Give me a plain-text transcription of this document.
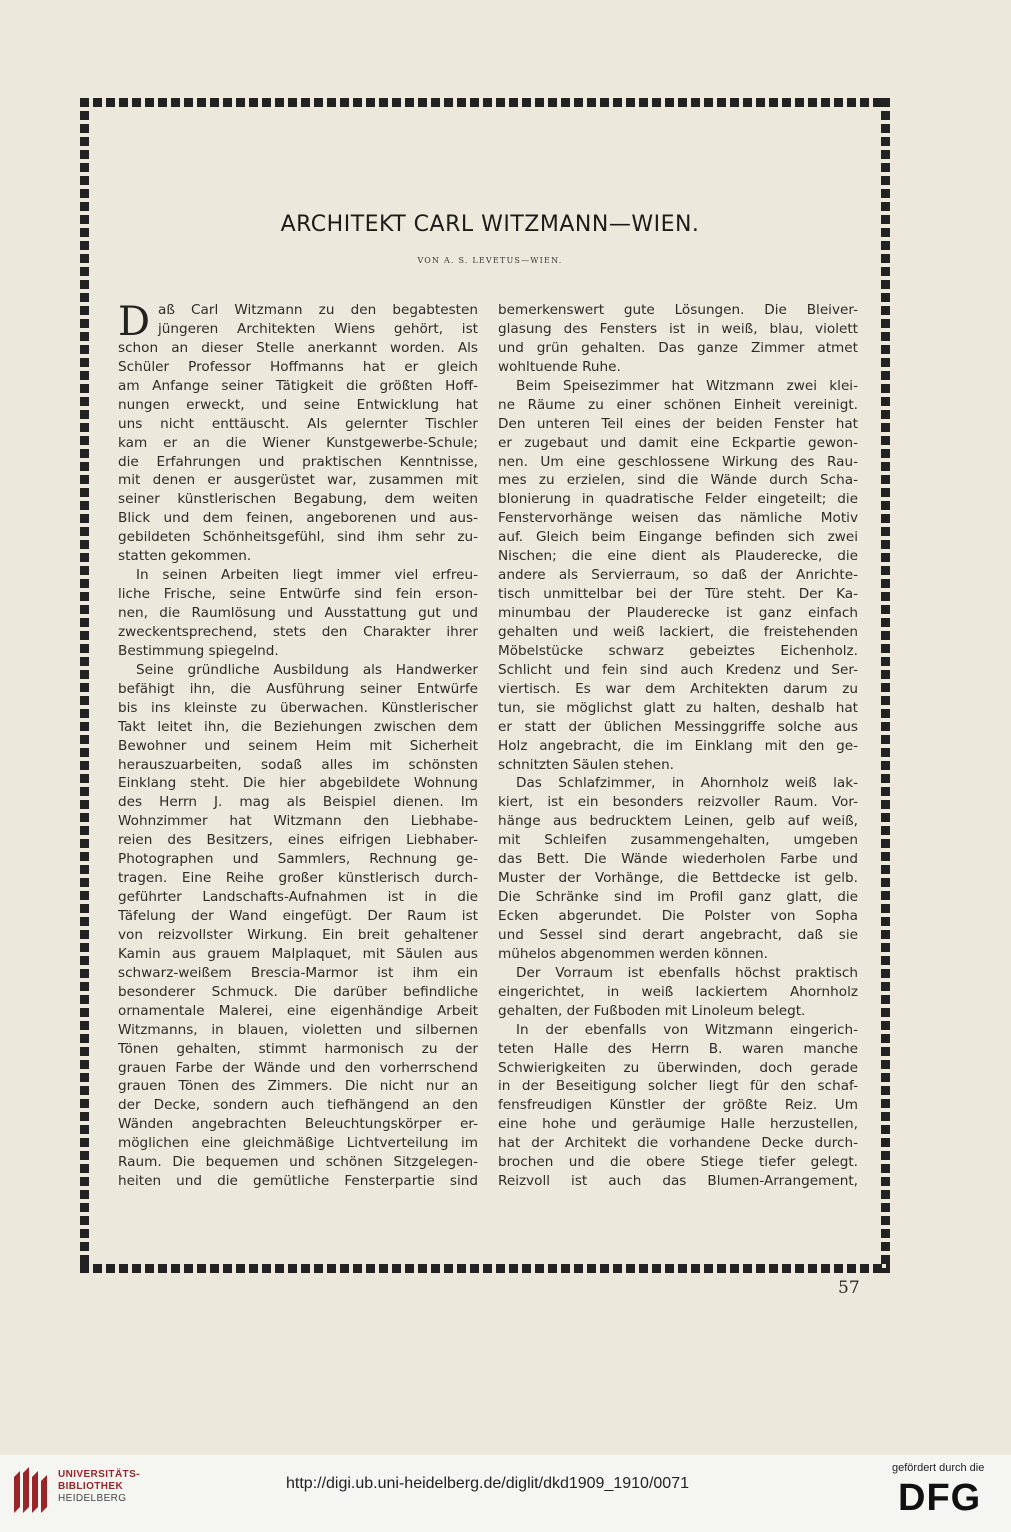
ARCHITEKT CARL WITZMANN—WIEN.
VON A. S. LEVETUS—WIEN.
D aß Carl Witzmann zu den begabtesten
jüngeren Architekten Wiens gehört, ist
schon an dieser Stelle anerkannt worden. Als
Schüler Professor Hoffmanns hat er gleich
am Anfange seiner Tätigkeit die größten Hoff-
nungen erweckt, und seine Entwicklung hat
uns nicht enttäuscht. Als gelernter Tischler
kam er an die Wiener Kunstgewerbe-Schule;
die Erfahrungen und praktischen Kenntnisse,
mit denen er ausgerüstet war, zusammen mit
seiner künstlerischen Begabung, dem weiten
Blick und dem feinen, angeborenen und aus-
gebildeten Schönheitsgefühl, sind ihm sehr zu-
statten gekommen.
In seinen Arbeiten liegt immer viel erfreu-
liche Frische, seine Entwürfe sind fein erson-
nen, die Raumlösung und Ausstattung gut und
zweckentsprechend, stets den Charakter ihrer
Bestimmung spiegelnd.
Seine gründliche Ausbildung als Handwerker
befähigt ihn, die Ausführung seiner Entwürfe
bis ins kleinste zu überwachen. Künstlerischer
Takt leitet ihn, die Beziehungen zwischen dem
Bewohner und seinem Heim mit Sicherheit
herauszuarbeiten, sodaß alles im schönsten
Einklang steht. Die hier abgebildete Wohnung
des Herrn J. mag als Beispiel dienen. Im
Wohnzimmer hat Witzmann den Liebhabe-
reien des Besitzers, eines eifrigen Liebhaber-
Photographen und Sammlers, Rechnung ge-
tragen. Eine Reihe großer künstlerisch durch-
geführter Landschafts-Aufnahmen ist in die
Täfelung der Wand eingefügt. Der Raum ist
von reizvollster Wirkung. Ein breit gehaltener
Kamin aus grauem Malplaquet, mit Säulen aus
schwarz-weißem Brescia-Marmor ist ihm ein
besonderer Schmuck. Die darüber befindliche
ornamentale Malerei, eine eigenhändige Arbeit
Witzmanns, in blauen, violetten und silbernen
Tönen gehalten, stimmt harmonisch zu der
grauen Farbe der Wände und den vorherrschend
grauen Tönen des Zimmers. Die nicht nur an
der Decke, sondern auch tiefhängend an den
Wänden angebrachten Beleuchtungskörper er-
möglichen eine gleichmäßige Lichtverteilung im
Raum. Die bequemen und schönen Sitzgelegen-
heiten und die gemütliche Fensterpartie sind
bemerkenswert gute Lösungen. Die Bleiver-
glasung des Fensters ist in weiß, blau, violett
und grün gehalten. Das ganze Zimmer atmet
wohltuende Ruhe.
Beim Speisezimmer hat Witzmann zwei klei-
ne Räume zu einer schönen Einheit vereinigt.
Den unteren Teil eines der beiden Fenster hat
er zugebaut und damit eine Eckpartie gewon-
nen. Um eine geschlossene Wirkung des Rau-
mes zu erzielen, sind die Wände durch Scha-
blonierung in quadratische Felder eingeteilt; die
Fenstervorhänge weisen das nämliche Motiv
auf. Gleich beim Eingange befinden sich zwei
Nischen; die eine dient als Plauderecke, die
andere als Servierraum, so daß der Anrichte-
tisch unmittelbar bei der Türe steht. Der Ka-
minumbau der Plauderecke ist ganz einfach
gehalten und weiß lackiert, die freistehenden
Möbelstücke schwarz gebeiztes Eichenholz.
Schlicht und fein sind auch Kredenz und Ser-
viertisch. Es war dem Architekten darum zu
tun, sie möglichst glatt zu halten, deshalb hat
er statt der üblichen Messinggriffe solche aus
Holz angebracht, die im Einklang mit den ge-
schnitzten Säulen stehen.
Das Schlafzimmer, in Ahornholz weiß lak-
kiert, ist ein besonders reizvoller Raum. Vor-
hänge aus bedrucktem Leinen, gelb auf weiß,
mit Schleifen zusammengehalten, umgeben
das Bett. Die Wände wiederholen Farbe und
Muster der Vorhänge, die Bettdecke ist gelb.
Die Schränke sind im Profil ganz glatt, die
Ecken abgerundet. Die Polster von Sopha
und Sessel sind derart angebracht, daß sie
mühelos abgenommen werden können.
Der Vorraum ist ebenfalls höchst praktisch
eingerichtet, in weiß lackiertem Ahornholz
gehalten, der Fußboden mit Linoleum belegt.
In der ebenfalls von Witzmann eingerich-
teten Halle des Herrn B. waren manche
Schwierigkeiten zu überwinden, doch gerade
in der Beseitigung solcher liegt für den schaf-
fensfreudigen Künstler der größte Reiz. Um
eine hohe und geräumige Halle herzustellen,
hat der Architekt die vorhandene Decke durch-
brochen und die obere Stiege tiefer gelegt.
Reizvoll ist auch das Blumen-Arrangement,
57
UNIVERSITÄTS-
BIBLIOTHEK
HEIDELBERG
http://digi.ub.uni-heidelberg.de/diglit/dkd1909_1910/0071
gefördert durch die
DFG
